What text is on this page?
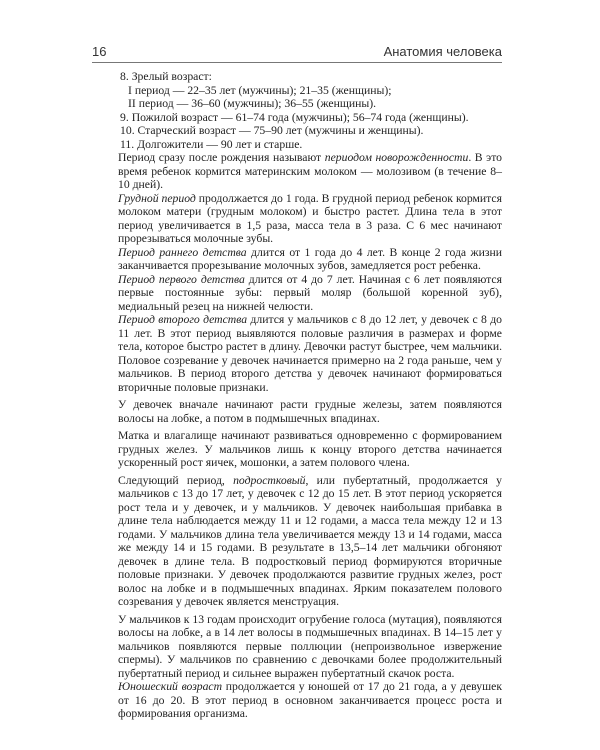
16	Анатомия человека

8. Зрелый возраст:

I период — 22–35 лет (мужчины); 21–35 (женщины);

II период — 36–60 (мужчины); 36–55 (женщины).

9. Пожилой возраст — 61–74 года (мужчины); 56–74 года (женщины).

10. Старческий возраст — 75–90 лет (мужчины и женщины).

11. Долгожители — 90 лет и старше.

Период сразу после рождения называют периодом новорожденности. В это время ребенок кормится материнским молоком — молозивом (в течение 8–10 дней).

Грудной период продолжается до 1 года. В грудной период ребенок кормится молоком матери (грудным молоком) и быстро растет. Длина тела в этот период увеличивается в 1,5 раза, масса тела в 3 раза. С 6 мес начинают прорезываться молочные зубы.

Период раннего детства длится от 1 года до 4 лет. В конце 2 года жизни заканчивается прорезывание молочных зубов, замедляется рост ребенка.

Период первого детства длится от 4 до 7 лет. Начиная с 6 лет появляются первые постоянные зубы: первый моляр (большой коренной зуб), медиальный резец на нижней челюсти.

Период второго детства длится у мальчиков с 8 до 12 лет, у девочек с 8 до 11 лет. В этот период выявляются половые различия в размерах и форме тела, которое быстро растет в длину. Девочки растут быстрее, чем мальчики. Половое созревание у девочек начинается примерно на 2 года раньше, чем у мальчиков. В период второго детства у девочек начинают формироваться вторичные половые признаки.

У девочек вначале начинают расти грудные железы, затем появляются волосы на лобке, а потом в подмышечных впадинах.

Матка и влагалище начинают развиваться одновременно с формированием грудных желез. У мальчиков лишь к концу второго детства начинается ускоренный рост яичек, мошонки, а затем полового члена.

Следующий период, подростковый, или пубертатный, продолжается у мальчиков с 13 до 17 лет, у девочек с 12 до 15 лет. В этот период ускоряется рост тела и у девочек, и у мальчиков. У девочек наибольшая прибавка в длине тела наблюдается между 11 и 12 годами, а масса тела между 12 и 13 годами. У мальчиков длина тела увеличивается между 13 и 14 годами, масса же между 14 и 15 годами. В результате в 13,5–14 лет мальчики обгоняют девочек в длине тела. В подростковый период формируются вторичные половые признаки. У девочек продолжаются развитие грудных желез, рост волос на лобке и в подмышечных впадинах. Ярким показателем полового созревания у девочек является менструация.

У мальчиков к 13 годам происходит огрубение голоса (мутация), появляются волосы на лобке, а в 14 лет волосы в подмышечных впадинах. В 14–15 лет у мальчиков появляются первые поллюции (непроизвольное извержение спермы). У мальчиков по сравнению с девочками более продолжительный пубертатный период и сильнее выражен пубертатный скачок роста.

Юношеский возраст продолжается у юношей от 17 до 21 года, а у девушек от 16 до 20. В этот период в основном заканчивается процесс роста и формирования организма.
